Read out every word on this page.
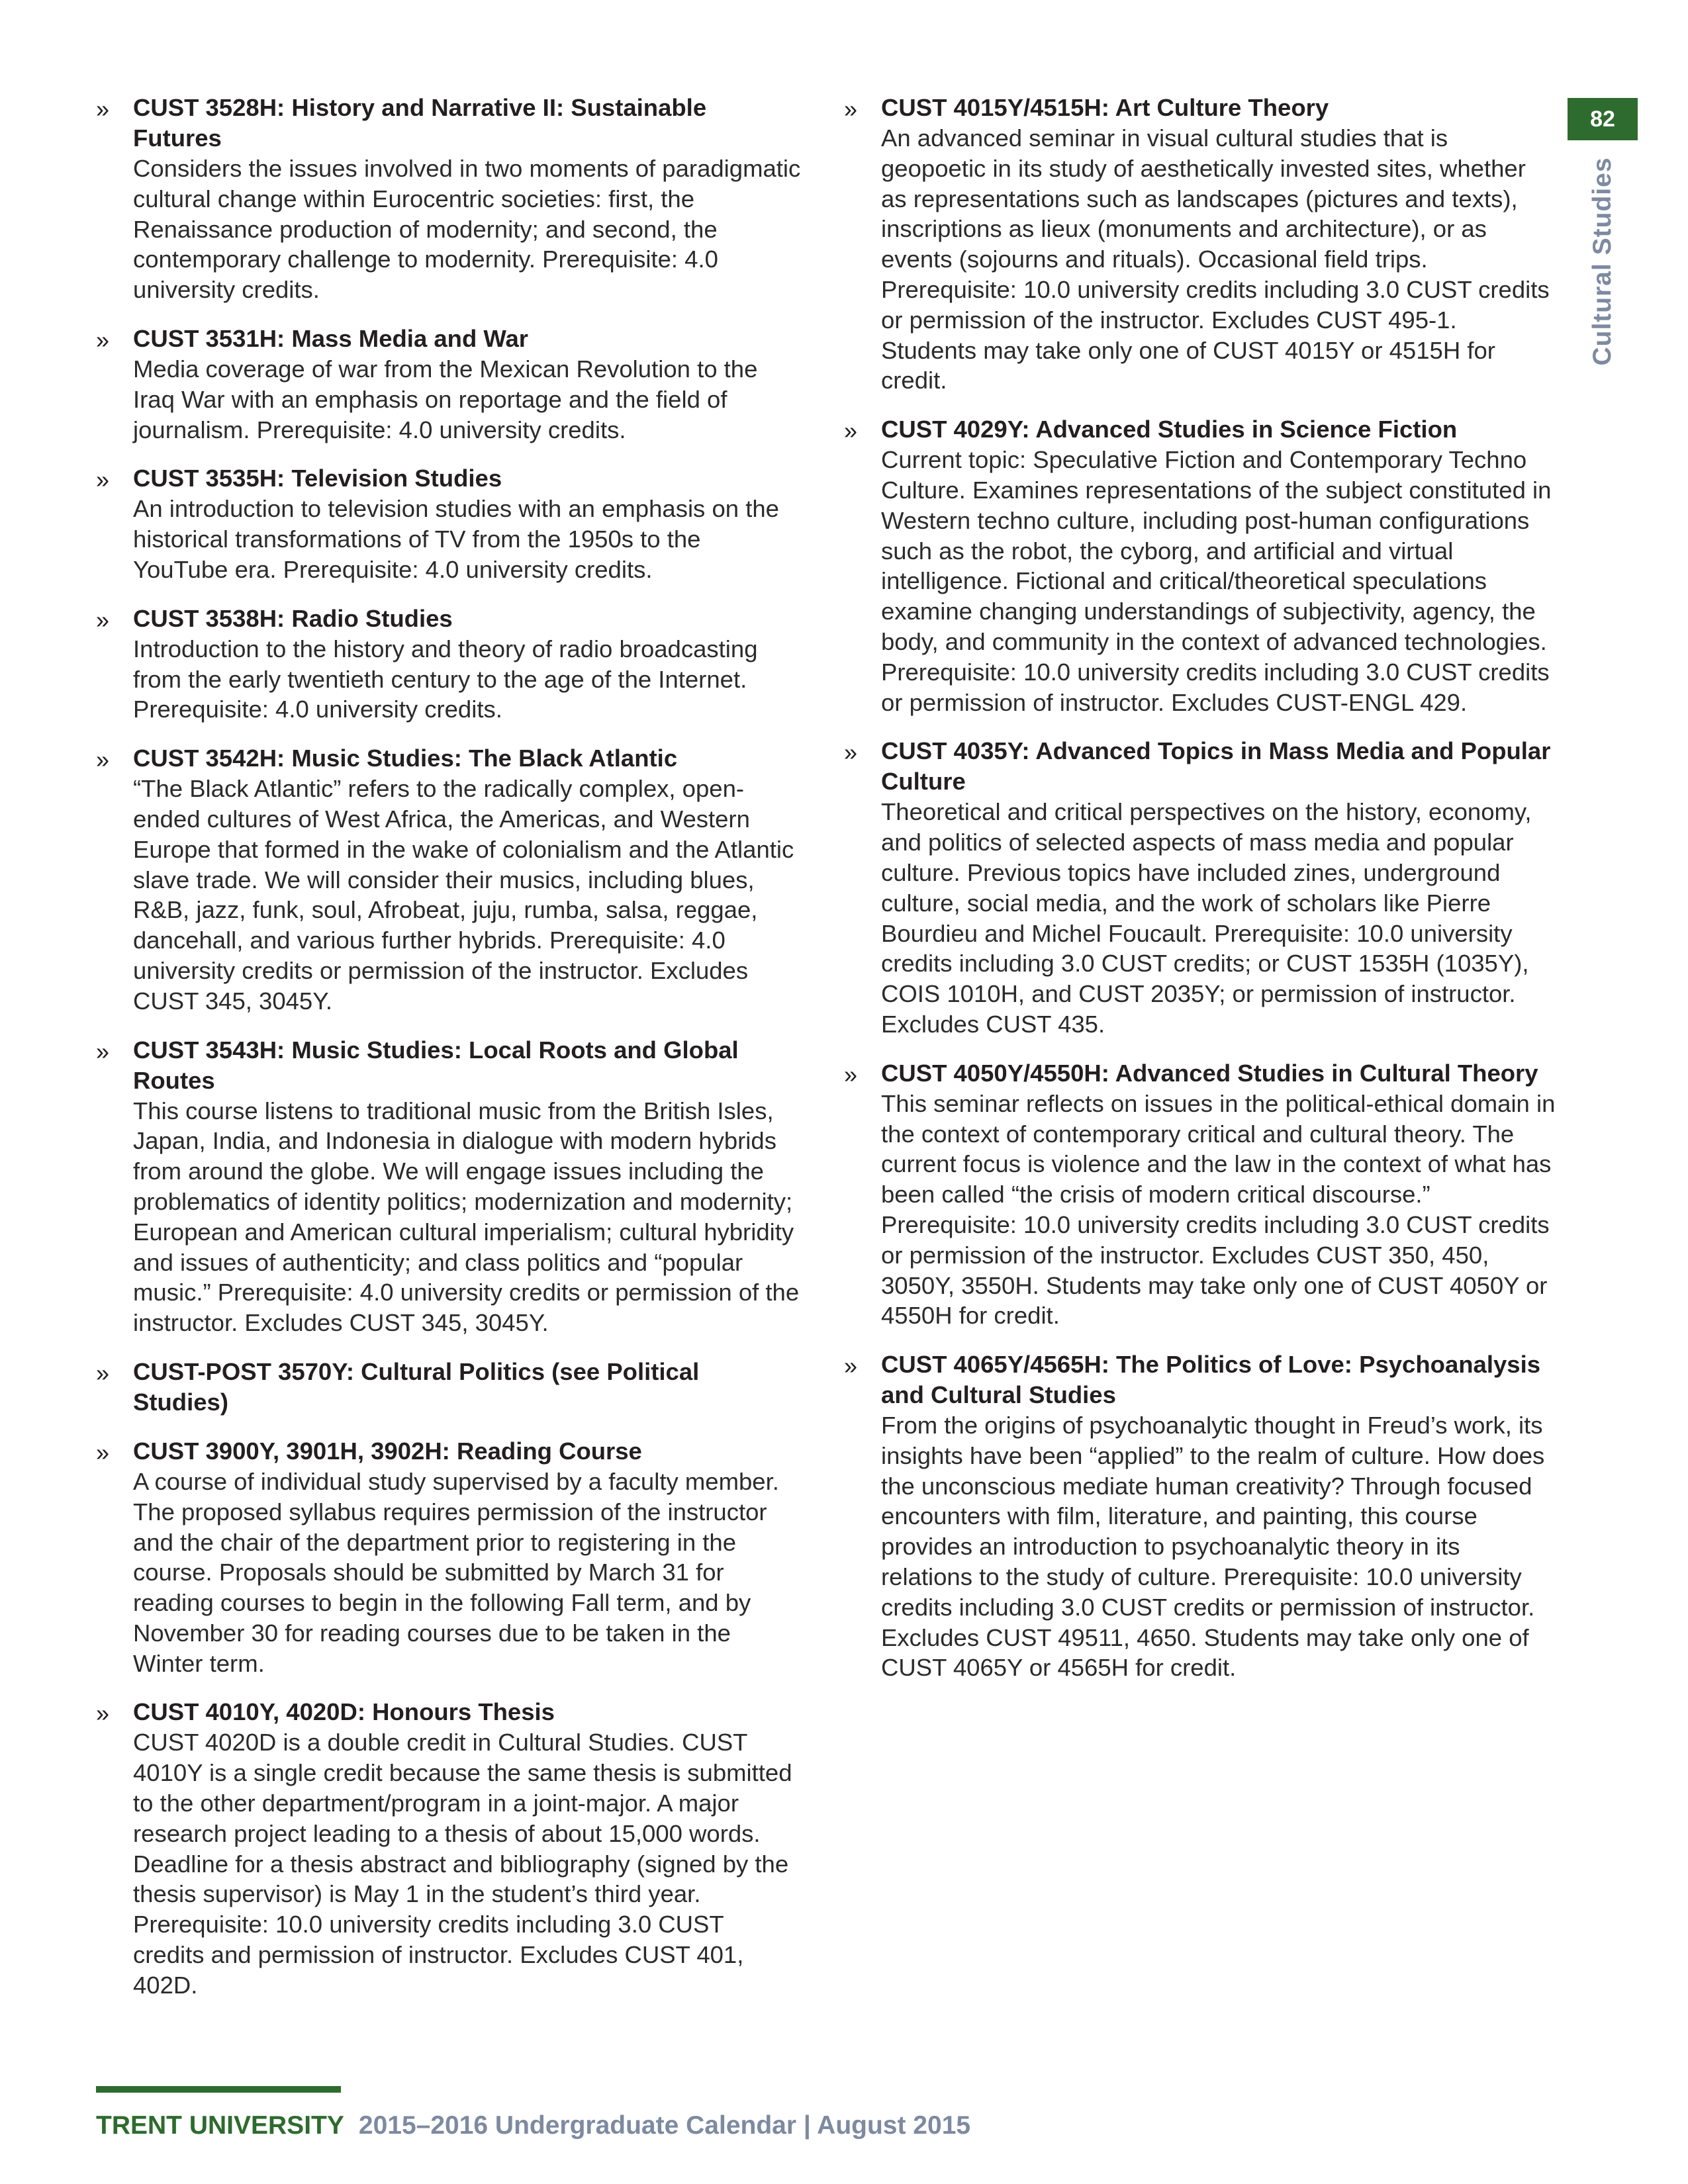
» CUST 3528H: History and Narrative II: Sustainable Futures

Considers the issues involved in two moments of paradigmatic cultural change within Eurocentric societies: first, the Renaissance production of modernity; and second, the contemporary challenge to modernity. Prerequisite: 4.0 university credits.

» CUST 3531H: Mass Media and War

Media coverage of war from the Mexican Revolution to the Iraq War with an emphasis on reportage and the field of journalism. Prerequisite: 4.0 university credits.

» CUST 3535H: Television Studies

An introduction to television studies with an emphasis on the historical transformations of TV from the 1950s to the YouTube era. Prerequisite: 4.0 university credits.

» CUST 3538H: Radio Studies

Introduction to the history and theory of radio broadcasting from the early twentieth century to the age of the Internet. Prerequisite: 4.0 university credits.

» CUST 3542H: Music Studies: The Black Atlantic

“The Black Atlantic” refers to the radically complex, open-ended cultures of West Africa, the Americas, and Western Europe that formed in the wake of colonialism and the Atlantic slave trade. We will consider their musics, including blues, R&B, jazz, funk, soul, Afrobeat, juju, rumba, salsa, reggae, dancehall, and various further hybrids. Prerequisite: 4.0 university credits or permission of the instructor. Excludes CUST 345, 3045Y.

» CUST 3543H: Music Studies: Local Roots and Global Routes

This course listens to traditional music from the British Isles, Japan, India, and Indonesia in dialogue with modern hybrids from around the globe. We will engage issues including the problematics of identity politics; modernization and modernity; European and American cultural imperialism; cultural hybridity and issues of authenticity; and class politics and “popular music.” Prerequisite: 4.0 university credits or permission of the instructor. Excludes CUST 345, 3045Y.

» CUST-POST 3570Y: Cultural Politics (see Political Studies)

» CUST 3900Y, 3901H, 3902H: Reading Course

A course of individual study supervised by a faculty member. The proposed syllabus requires permission of the instructor and the chair of the department prior to registering in the course. Proposals should be submitted by March 31 for reading courses to begin in the following Fall term, and by November 30 for reading courses due to be taken in the Winter term.

» CUST 4010Y, 4020D: Honours Thesis

CUST 4020D is a double credit in Cultural Studies. CUST 4010Y is a single credit because the same thesis is submitted to the other department/program in a joint-major. A major research project leading to a thesis of about 15,000 words. Deadline for a thesis abstract and bibliography (signed by the thesis supervisor) is May 1 in the student’s third year. Prerequisite: 10.0 university credits including 3.0 CUST credits and permission of instructor. Excludes CUST 401, 402D.

» CUST 4015Y/4515H: Art Culture Theory

An advanced seminar in visual cultural studies that is geopoetic in its study of aesthetically invested sites, whether as representations such as landscapes (pictures and texts), inscriptions as lieux (monuments and architecture), or as events (sojourns and rituals). Occasional field trips. Prerequisite: 10.0 university credits including 3.0 CUST credits or permission of the instructor. Excludes CUST 495-1. Students may take only one of CUST 4015Y or 4515H for credit.

» CUST 4029Y: Advanced Studies in Science Fiction

Current topic: Speculative Fiction and Contemporary Techno Culture. Examines representations of the subject constituted in Western techno culture, including post-human configurations such as the robot, the cyborg, and artificial and virtual intelligence. Fictional and critical/theoretical speculations examine changing understandings of subjectivity, agency, the body, and community in the context of advanced technologies. Prerequisite: 10.0 university credits including 3.0 CUST credits or permission of instructor. Excludes CUST-ENGL 429.

» CUST 4035Y: Advanced Topics in Mass Media and Popular Culture

Theoretical and critical perspectives on the history, economy, and politics of selected aspects of mass media and popular culture. Previous topics have included zines, underground culture, social media, and the work of scholars like Pierre Bourdieu and Michel Foucault. Prerequisite: 10.0 university credits including 3.0 CUST credits; or CUST 1535H (1035Y), COIS 1010H, and CUST 2035Y; or permission of instructor. Excludes CUST 435.

» CUST 4050Y/4550H: Advanced Studies in Cultural Theory

This seminar reflects on issues in the political-ethical domain in the context of contemporary critical and cultural theory. The current focus is violence and the law in the context of what has been called “the crisis of modern critical discourse.” Prerequisite: 10.0 university credits including 3.0 CUST credits or permission of the instructor. Excludes CUST 350, 450, 3050Y, 3550H. Students may take only one of CUST 4050Y or 4550H for credit.

» CUST 4065Y/4565H: The Politics of Love: Psychoanalysis and Cultural Studies

From the origins of psychoanalytic thought in Freud’s work, its insights have been “applied” to the realm of culture. How does the unconscious mediate human creativity? Through focused encounters with film, literature, and painting, this course provides an introduction to psychoanalytic theory in its relations to the study of culture. Prerequisite: 10.0 university credits including 3.0 CUST credits or permission of instructor. Excludes CUST 49511, 4650. Students may take only one of CUST 4065Y or 4565H for credit.

82
Cultural Studies
TRENT UNIVERSITY 2015–2016 Undergraduate Calendar | August 2015
